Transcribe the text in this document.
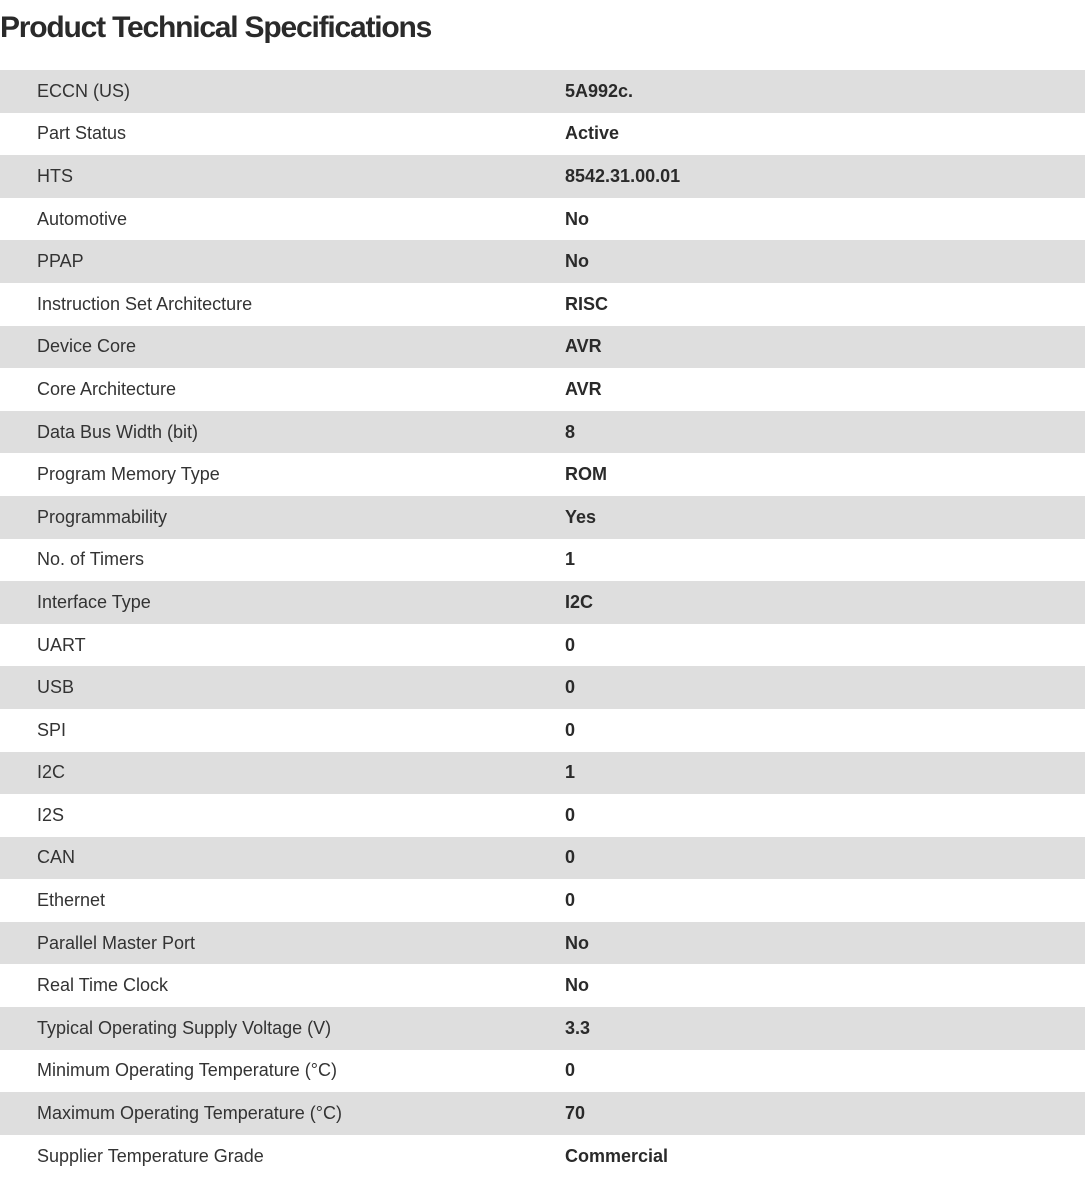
Product Technical Specifications
ECCN (US)	5A992c.
Part Status	Active
HTS	8542.31.00.01
Automotive	No
PPAP	No
Instruction Set Architecture	RISC
Device Core	AVR
Core Architecture	AVR
Data Bus Width (bit)	8
Program Memory Type	ROM
Programmability	Yes
No. of Timers	1
Interface Type	I2C
UART	0
USB	0
SPI	0
I2C	1
I2S	0
CAN	0
Ethernet	0
Parallel Master Port	No
Real Time Clock	No
Typical Operating Supply Voltage (V)	3.3
Minimum Operating Temperature (°C)	0
Maximum Operating Temperature (°C)	70
Supplier Temperature Grade	Commercial
